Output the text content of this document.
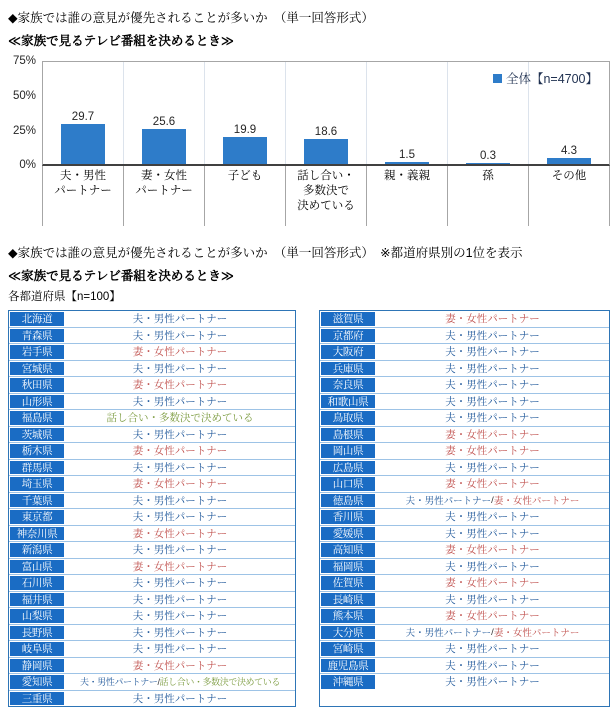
◆家族では誰の意見が優先されることが多いか　（単一回答形式）
≪家族で見るテレビ番組を決めるとき≫
75%
50%
25%
0%
29.7	25.6
19.9	18.6
1.5	0.3	4.3
全体【n=4700】
夫・男性
パートナー
妻・女性
パートナー
子ども	話し合い・
多数決で
決めている
親・義親	孫	その他
◆家族では誰の意見が優先されることが多いか　（単一回答形式）　※都道府県別の1位を表示
≪家族で見るテレビ番組を決めるとき≫
各都道府県【n=100】
北海道	夫・男性パートナー
青森県	夫・男性パートナー
岩手県	妻・女性パートナー
宮城県	夫・男性パートナー
秋田県	妻・女性パートナー
山形県	夫・男性パートナー
福島県	話し合い・多数決で決めている
茨城県	夫・男性パートナー
栃木県	妻・女性パートナー
群馬県	夫・男性パートナー
埼玉県	妻・女性パートナー
千葉県	夫・男性パートナー
東京都	夫・男性パートナー
神奈川県	妻・女性パートナー
新潟県	夫・男性パートナー
富山県	妻・女性パートナー
石川県	夫・男性パートナー
福井県	夫・男性パートナー
山梨県	夫・男性パートナー
長野県	夫・男性パートナー
岐阜県	夫・男性パートナー
静岡県	妻・女性パートナー
愛知県	夫・男性パートナー / 話し合い・多数決で決めている
三重県	夫・男性パートナー
滋賀県	妻・女性パートナー
京都府	夫・男性パートナー
大阪府	夫・男性パートナー
兵庫県	夫・男性パートナー
奈良県	夫・男性パートナー
和歌山県	夫・男性パートナー
鳥取県	夫・男性パートナー
島根県	妻・女性パートナー
岡山県	妻・女性パートナー
広島県	夫・男性パートナー
山口県	妻・女性パートナー
徳島県	夫・男性パートナー / 妻・女性パートナー
香川県	夫・男性パートナー
愛媛県	夫・男性パートナー
高知県	妻・女性パートナー
福岡県	夫・男性パートナー
佐賀県	妻・女性パートナー
長崎県	夫・男性パートナー
熊本県	妻・女性パートナー
大分県	夫・男性パートナー / 妻・女性パートナー
宮崎県	夫・男性パートナー
鹿児島県	夫・男性パートナー
沖縄県	夫・男性パートナー
